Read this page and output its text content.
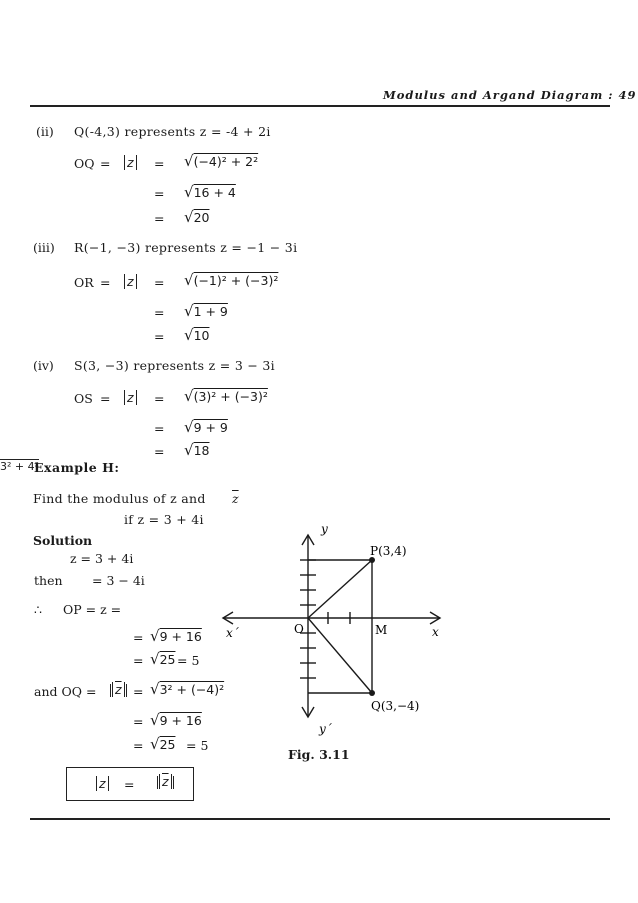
Modulus and Argand Diagram : 49
(ii) Q(-4,3) represents z = -4 + 2i
OQ = z = √(−4)² + 2²
= √16 + 4
= √20
(iii) R(−1, −3) represents z = −1 − 3i
OR = z = √(−1)² + (−3)²
= √1 + 9
= √10
(iv) S(3, −3) represents z = 3 − 3i
OS = z = √(3)² + (−3)²
= √9 + 9
= √18
3² + 4²
Example H:
Find the modulus of z and $\overline{z}$
if z = 3 + 4i
Solution
z = 3 + 4i
then = 3 − 4i
∴ OP = z =
= √9 + 16
= √25 = 5
and OQ =	$\overline{z} = √3^2 + (-4)^2$
= √9 + 16
= √25 = 5
z =	$\overline{z}$
y
y´
x
x´	O	M
P(3,4)
Q(3,−4)
Fig. 3.11
